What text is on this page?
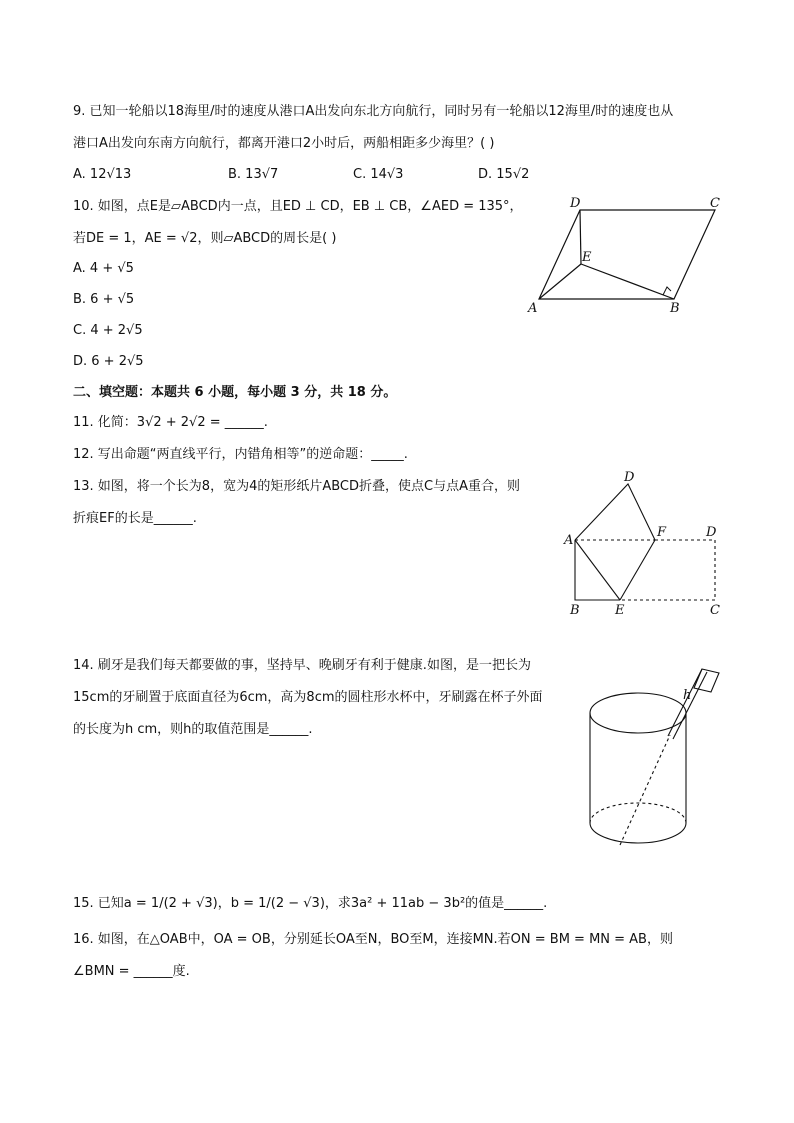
9. 已知一轮船以18海里/时的速度从港口A出发向东北方向航行，同时另有一轮船以12海里/时的速度也从
港口A出发向东南方向航行，都离开港口2小时后，两船相距多少海里？( )
A. 12√13	B. 13√7	C. 14√3	D. 15√2
10. 如图，点E是▱ABCD内一点，且ED ⊥ CD，EB ⊥ CB，∠AED = 135°，
若DE = 1，AE = √2，则▱ABCD的周长是( )
A. 4 + √5
B. 6 + √5
C. 4 + 2√5
D. 6 + 2√5
D	C
E
A	B
二、填空题：本题共 6 小题，每小题 3 分，共 18 分。
11. 化简：3√2 + 2√2 = ______.
12. 写出命题“两直线平行，内错角相等”的逆命题：_____.
13. 如图，将一个长为8，宽为4的矩形纸片ABCD折叠，使点C与点A重合，则
折痕EF的长是______.
D
A
F	D
B	E	C
14. 刷牙是我们每天都要做的事，坚持早、晚刷牙有利于健康.如图，是一把长为
15cm的牙刷置于底面直径为6cm，高为8cm的圆柱形水杯中，牙刷露在杯子外面
的长度为h cm，则h的取值范围是______.
h
15. 已知a = 1/(2 + √3)，b = 1/(2 − √3)，求3a² + 11ab − 3b²的值是______.
16. 如图，在△OAB中，OA = OB，分别延长OA至N，BO至M，连接MN.若ON = BM = MN = AB，则
∠BMN = ______度.
